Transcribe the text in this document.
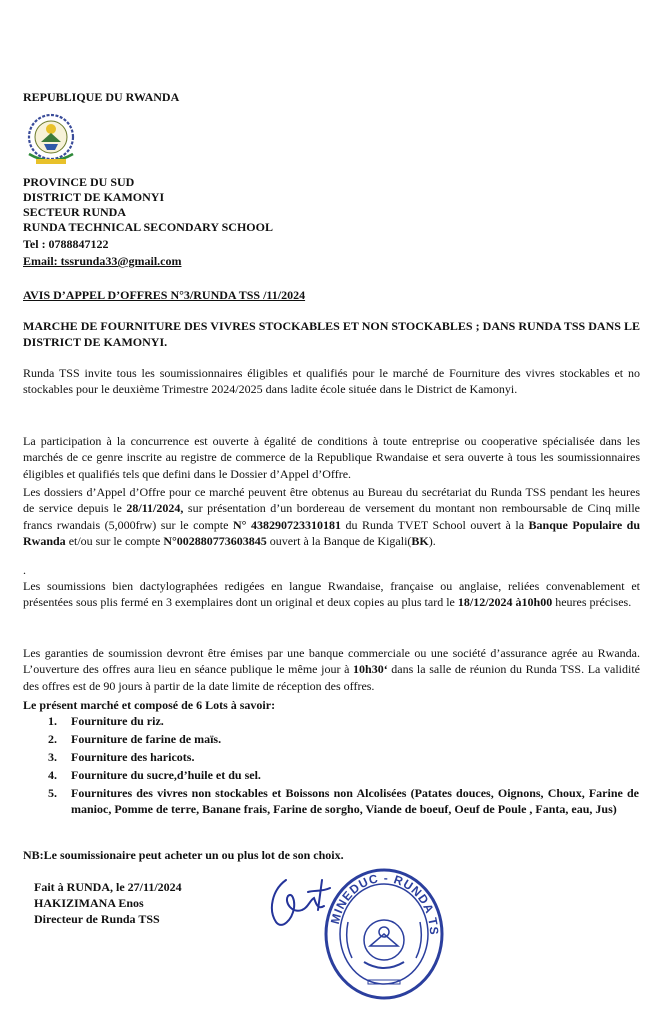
REPUBLIQUE DU RWANDA
PROVINCE DU SUD
DISTRICT DE KAMONYI
SECTEUR RUNDA
RUNDA TECHNICAL SECONDARY SCHOOL
Tel : 0788847122
Email: tssrunda33@gmail.com
AVIS D’APPEL D’OFFRES N°3/RUNDA TSS /11/2024
MARCHE DE FOURNITURE DES VIVRES STOCKABLES ET NON STOCKABLES ; DANS RUNDA TSS DANS LE DISTRICT DE KAMONYI.
Runda TSS invite tous les soumissionnaires éligibles et qualifiés pour le marché de Fourniture des vivres stockables et no stockables pour le deuxième Trimestre 2024/2025 dans ladite école située dans le District de Kamonyi.
La participation à la concurrence est ouverte à égalité de conditions à toute entreprise ou cooperative spécialisée dans les marchés de ce genre inscrite au registre de commerce de la Republique Rwandaise et sera ouverte à tous les soumissionnaires éligibles et qualifiés tels que defini dans le Dossier d’Appel d’Offre.
Les dossiers d’Appel d’Offre pour ce marché peuvent être obtenus au Bureau du secrétariat du Runda TSS pendant les heures de service depuis le 28/11/2024, sur présentation d’un bordereau de versement du montant non remboursable de Cinq mille francs rwandais (5,000frw) sur le compte N° 438290723310181 du Runda TVET School ouvert à la Banque Populaire du Rwanda et/ou sur le compte N°002880773603845 ouvert à la Banque de Kigali(BK).
.
Les soumissions bien dactylographées redigées en langue Rwandaise, française ou anglaise, reliées convenablement et présentées sous plis fermé en 3 exemplaires dont un original et deux copies au plus tard le 18/12/2024 à10h00 heures précises.
Les garanties de soumission devront être émises par une banque commerciale ou une société d’assurance agrée au Rwanda. L’ouverture des offres aura lieu en séance publique le même jour à 10h30‘ dans la salle de réunion du Runda TSS. La validité des offres est de 90 jours à partir de la date limite de réception des offres.
Le présent marché et composé de 6 Lots à savoir:
1. Fourniture du riz.
2. Fourniture de farine de maïs.
3. Fourniture des haricots.
4. Fourniture du sucre,d’huile et du sel.
5. Fournitures des vivres non stockables et Boissons non Alcolisées (Patates douces, Oignons, Choux, Farine de manioc, Pomme de terre, Banane frais, Farine de sorgho, Viande de boeuf, Oeuf de Poule , Fanta, eau, Jus)
NB:Le soumissionaire peut acheter un ou plus lot de son choix.
Fait à RUNDA, le 27/11/2024
HAKIZIMANA Enos
Directeur de Runda TSS	MINEDUC - RUNDA TS
